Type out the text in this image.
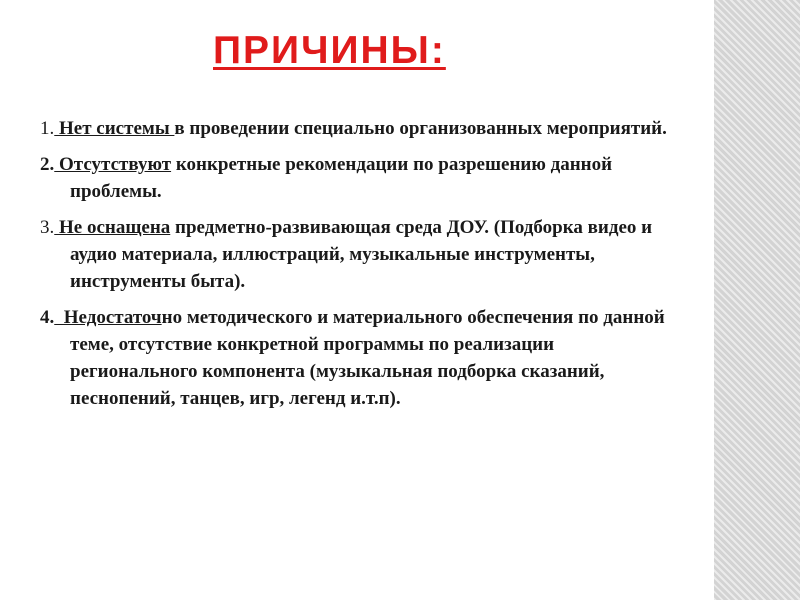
ПРИЧИНЫ:
1. Нет системы в проведении специально организованных мероприятий.
2. Отсутствуют конкретные рекомендации по разрешению данной проблемы.
3. Не оснащена предметно-развивающая среда ДОУ. (Подборка видео и аудио материала, иллюстраций, музыкальные инструменты, инструменты быта).
4.  Недостаточно методического и материального обеспечения по данной теме, отсутствие конкретной программы по реализации регионального компонента (музыкальная подборка сказаний, песнопений, танцев, игр, легенд и.т.п).
